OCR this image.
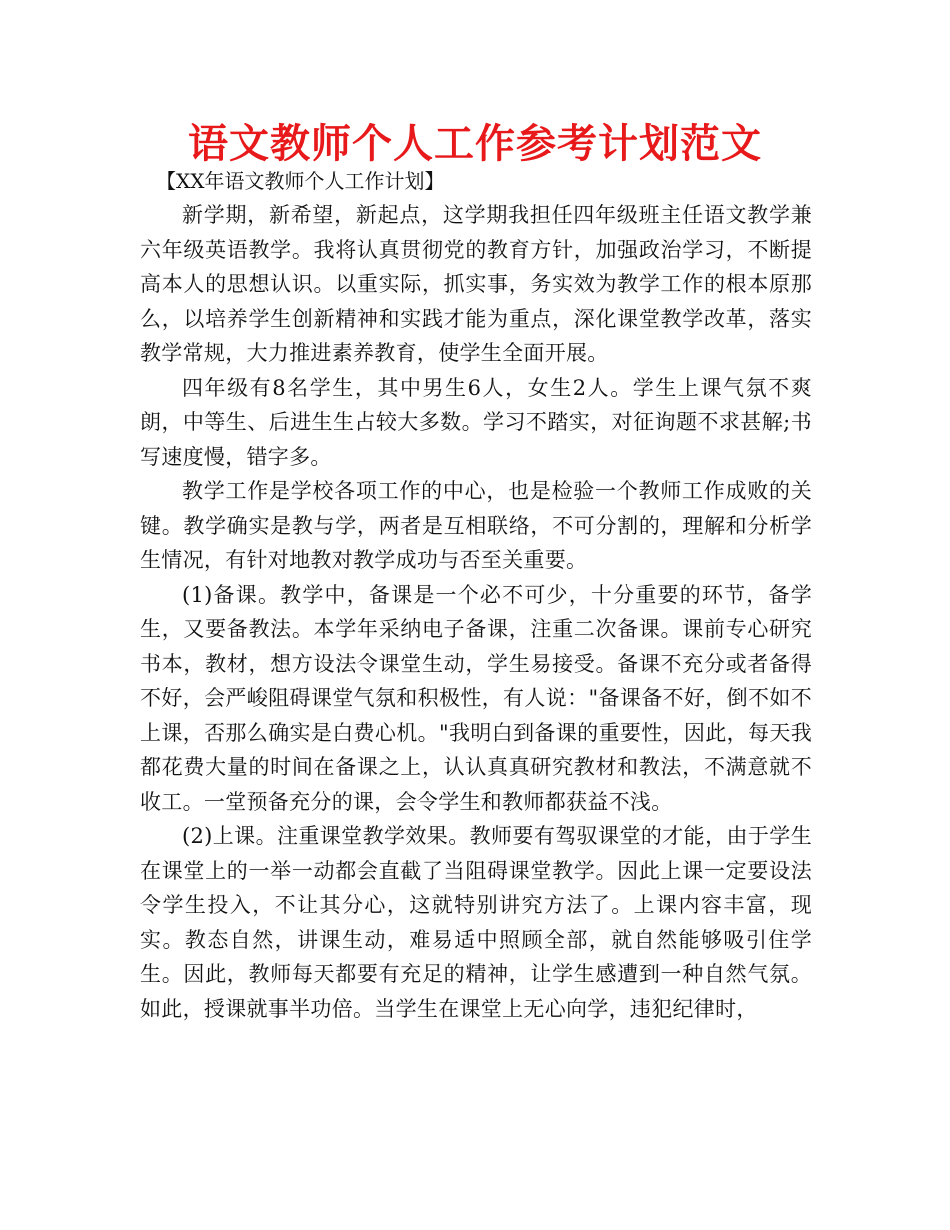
语文教师个人工作参考计划范文

【XX年语文教师个人工作计划】

新学期，新希望，新起点，这学期我担任四年级班主任语文教学兼六年级英语教学。我将认真贯彻党的教育方针，加强政治学习，不断提高本人的思想认识。以重实际，抓实事，务实效为教学工作的根本原那么，以培养学生创新精神和实践才能为重点，深化课堂教学改革，落实教学常规，大力推进素养教育，使学生全面开展。

四年级有8名学生，其中男生6人，女生2人。学生上课气氛不爽朗，中等生、后进生生占较大多数。学习不踏实，对征询题不求甚解;书写速度慢，错字多。

教学工作是学校各项工作的中心，也是检验一个教师工作成败的关键。教学确实是教与学，两者是互相联络，不可分割的，理解和分析学生情况，有针对地教对教学成功与否至关重要。

(1)备课。教学中，备课是一个必不可少，十分重要的环节，备学生，又要备教法。本学年采纳电子备课，注重二次备课。课前专心研究书本，教材，想方设法令课堂生动，学生易接受。备课不充分或者备得不好，会严峻阻碍课堂气氛和积极性，有人说："备课备不好，倒不如不上课，否那么确实是白费心机。"我明白到备课的重要性，因此，每天我都花费大量的时间在备课之上，认认真真研究教材和教法，不满意就不收工。一堂预备充分的课，会令学生和教师都获益不浅。

(2)上课。注重课堂教学效果。教师要有驾驭课堂的才能，由于学生在课堂上的一举一动都会直截了当阻碍课堂教学。因此上课一定要设法令学生投入，不让其分心，这就特别讲究方法了。上课内容丰富，现实。教态自然，讲课生动，难易适中照顾全部，就自然能够吸引住学生。因此，教师每天都要有充足的精神，让学生感遭到一种自然气氛。如此，授课就事半功倍。当学生在课堂上无心向学，违犯纪律时，
